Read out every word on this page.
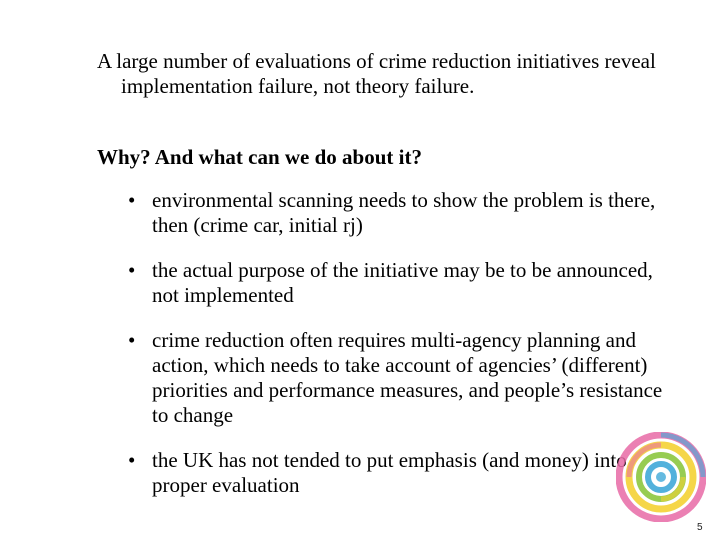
A large number of evaluations of crime reduction initiatives reveal implementation failure, not theory failure.

Why? And what can we do about it?

• environmental scanning needs to show the problem is there, then (crime car, initial rj)
• the actual purpose of the initiative may be to be announced, not implemented
• crime reduction often requires multi-agency planning and action, which needs to take account of agencies’ (different) priorities and performance measures, and people’s resistance to change
• the UK has not tended to put emphasis (and money) into proper evaluation
5
